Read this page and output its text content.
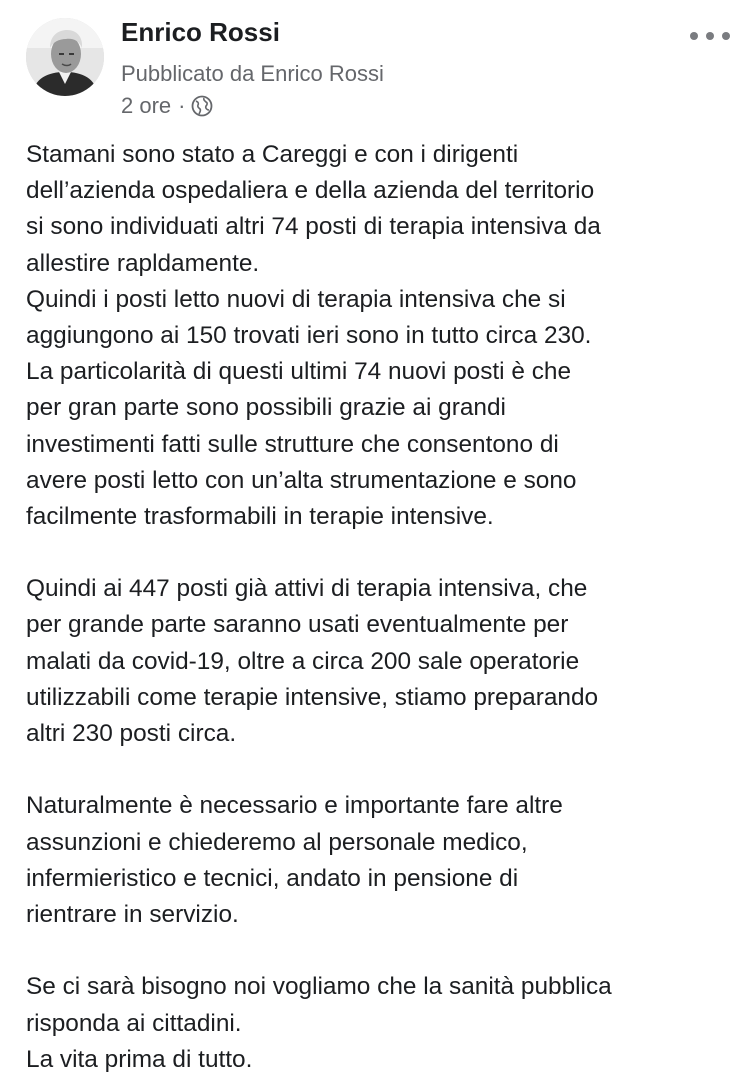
Enrico Rossi
Pubblicato da Enrico Rossi
2 ore ·
Stamani sono stato a Careggi e con i dirigenti
dell’azienda ospedaliera e della azienda del territorio
si sono individuati altri 74 posti di terapia intensiva da
allestire rapldamente.
Quindi i posti letto nuovi di terapia intensiva che si
aggiungono ai 150 trovati ieri sono in tutto circa 230.
La particolarità di questi ultimi 74 nuovi posti è che
per gran parte sono possibili grazie ai grandi
investimenti fatti sulle strutture che consentono di
avere posti letto con un’alta strumentazione e sono
facilmente trasformabili in terapie intensive.
Quindi ai 447 posti già attivi di terapia intensiva, che
per grande parte saranno usati eventualmente per
malati da covid-19, oltre a circa 200 sale operatorie
utilizzabili come terapie intensive, stiamo preparando
altri 230 posti circa.
Naturalmente è necessario e importante fare altre
assunzioni e chiederemo al personale medico,
infermieristico e tecnici, andato in pensione di
rientrare in servizio.
Se ci sarà bisogno noi vogliamo che la sanità pubblica
risponda ai cittadini.
La vita prima di tutto.
